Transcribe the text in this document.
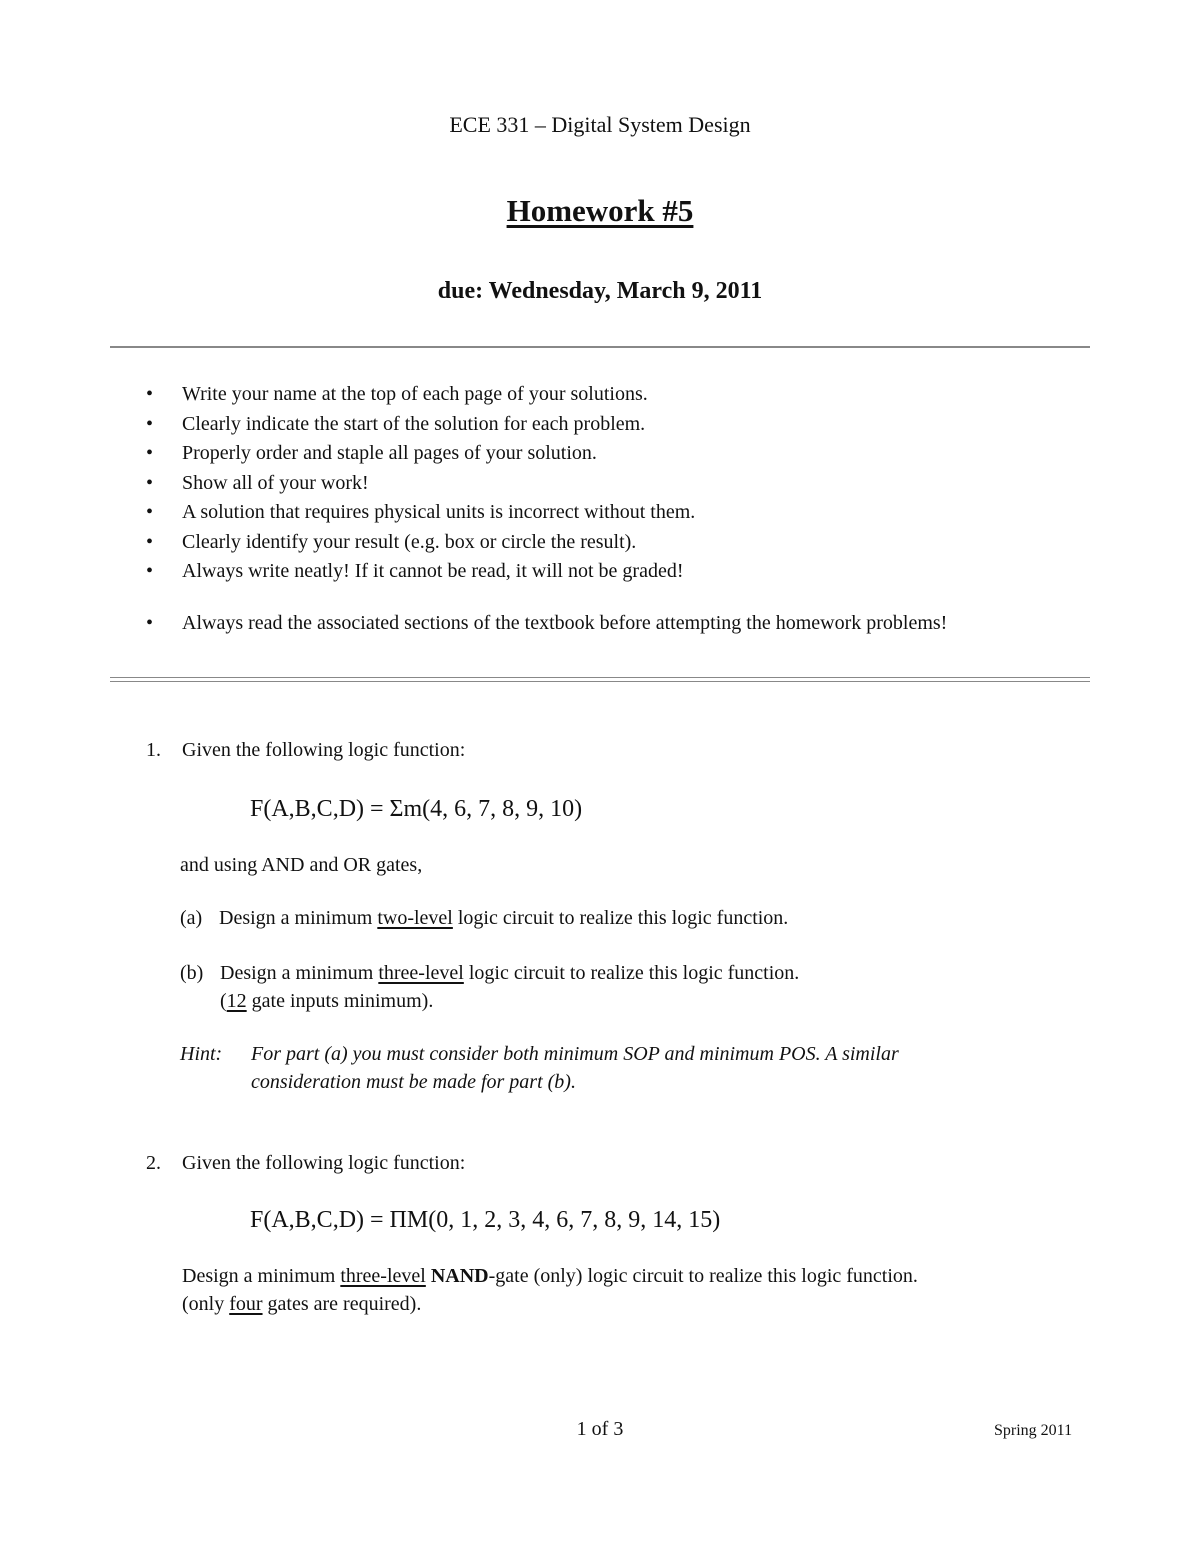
ECE 331 – Digital System Design
Homework #5
due: Wednesday, March 9, 2011
• Write your name at the top of each page of your solutions.
• Clearly indicate the start of the solution for each problem.
• Properly order and staple all pages of your solution.
• Show all of your work!
• A solution that requires physical units is incorrect without them.
• Clearly identify your result (e.g. box or circle the result).
• Always write neatly! If it cannot be read, it will not be graded!
• Always read the associated sections of the textbook before attempting the homework problems!
1. Given the following logic function:
F(A,B,C,D) = Σm(4, 6, 7, 8, 9, 10)
and using AND and OR gates,
(a) Design a minimum two-level logic circuit to realize this logic function.
(b) Design a minimum three-level logic circuit to realize this logic function.
(12 gate inputs minimum).
Hint: For part (a) you must consider both minimum SOP and minimum POS. A similar
consideration must be made for part (b).
2. Given the following logic function:
F(A,B,C,D) = ΠM(0, 1, 2, 3, 4, 6, 7, 8, 9, 14, 15)
Design a minimum three-level NAND-gate (only) logic circuit to realize this logic function.
(only four gates are required).
1 of 3	Spring 2011
